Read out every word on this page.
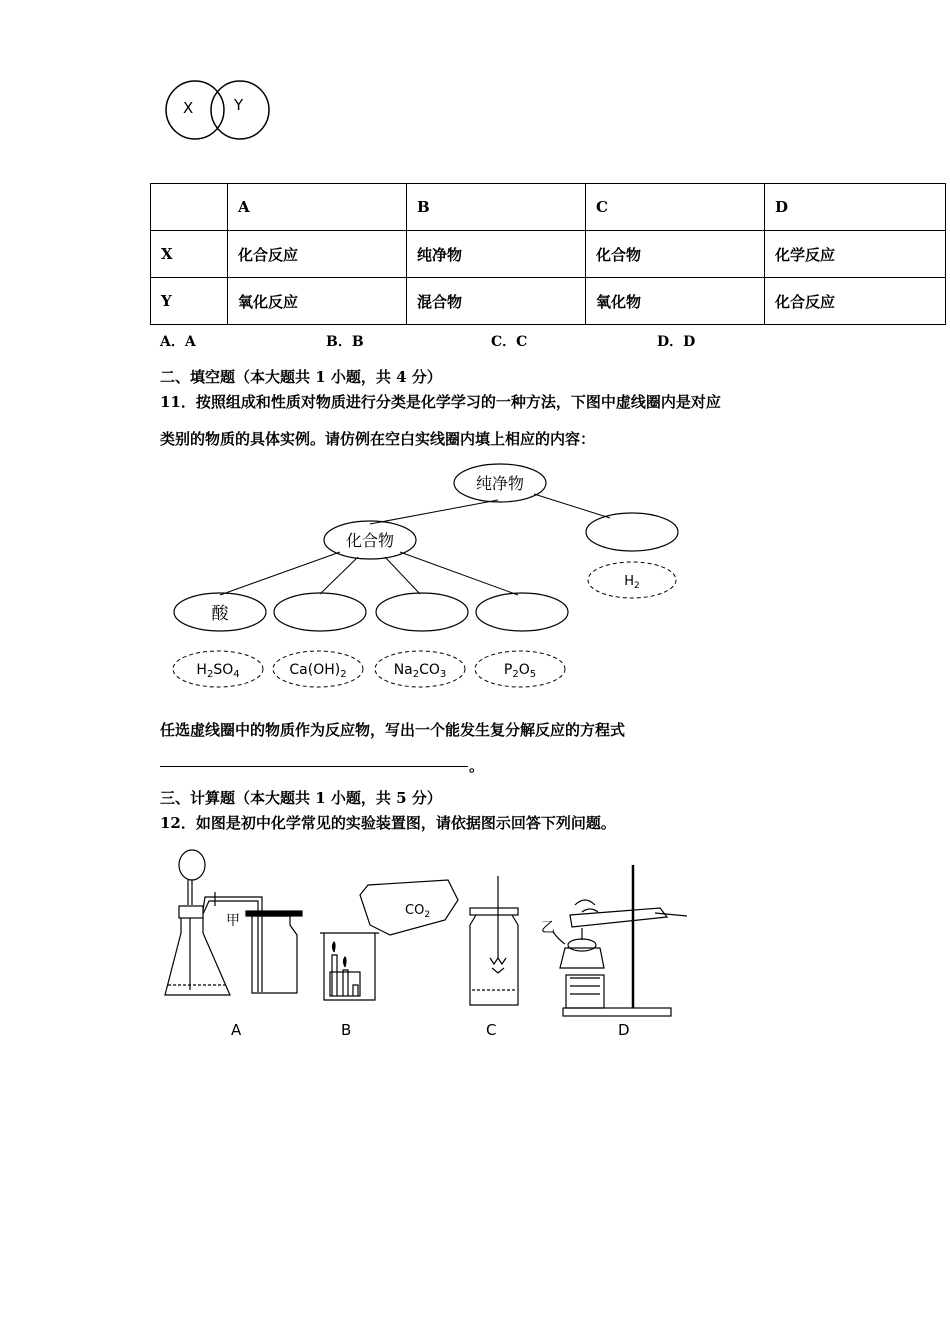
X	Y
	A	B	C	D
X	化合反应	纯净物	化合物	化学反应
Y	氧化反应	混合物	氧化物	化合反应
A．A	B．B	C．C	D．D
二、填空题（本大题共 1 小题，共 4 分）
11．按照组成和性质对物质进行分类是化学学习的一种方法，下图中虚线圈内是对应
类别的物质的具体实例。请仿例在空白实线圈内填上相应的内容：
纯净物
化合物
酸
$H_2$
$H_2SO_4$	$Ca(OH)_2$	$Na_2CO_3$	$P_2O_5$
任选虚线圈中的物质作为反应物，写出一个能发生复分解反应的方程式
。
三、计算题（本大题共 1 小题，共 5 分）
12．如图是初中化学常见的实验装置图，请依据图示回答下列问题。
甲	乙
$CO_2$
A	B	C	D
